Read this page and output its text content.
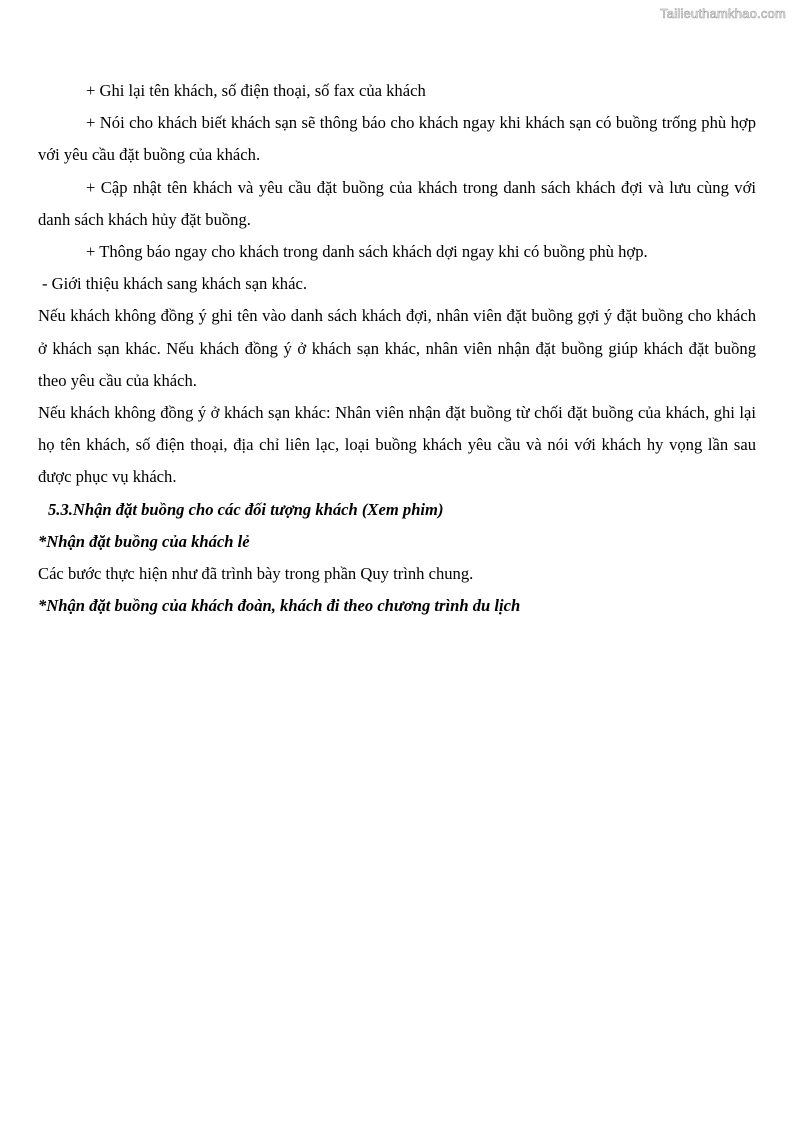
Tailieuthamkhao.com

+ Ghi lại tên khách, số điện thoại, số fax của khách

+ Nói cho khách biết khách sạn sẽ thông báo cho khách ngay khi khách sạn có buồng trống phù hợp với yêu cầu đặt buồng của khách.

+ Cập nhật tên khách và yêu cầu đặt buồng của khách trong danh sách khách đợi và lưu cùng với danh sách khách hủy đặt buồng.

+ Thông báo ngay cho khách trong danh sách khách dợi ngay khi có buồng phù hợp.

- Giới thiệu khách sang khách sạn khác.

Nếu khách không đồng ý ghi tên vào danh sách khách đợi, nhân viên đặt buồng gợi ý đặt buồng cho khách ở khách sạn khác. Nếu khách đồng ý ở khách sạn khác, nhân viên nhận đặt buồng giúp khách đặt buồng theo yêu cầu của khách.

Nếu khách không đồng ý ở khách sạn khác: Nhân viên nhận đặt buồng từ chối đặt buồng của khách, ghi lại họ tên khách, số điện thoại, địa chỉ liên lạc, loại buồng khách yêu cầu và nói với khách hy vọng lần sau được phục vụ khách.

5.3.Nhận đặt buồng cho các đối tượng khách (Xem phim)

*Nhận đặt buồng của khách lẻ

Các bước thực hiện như đã trình bày trong phần Quy trình chung.

*Nhận đặt buồng của khách đoàn, khách đi theo chương trình du lịch
